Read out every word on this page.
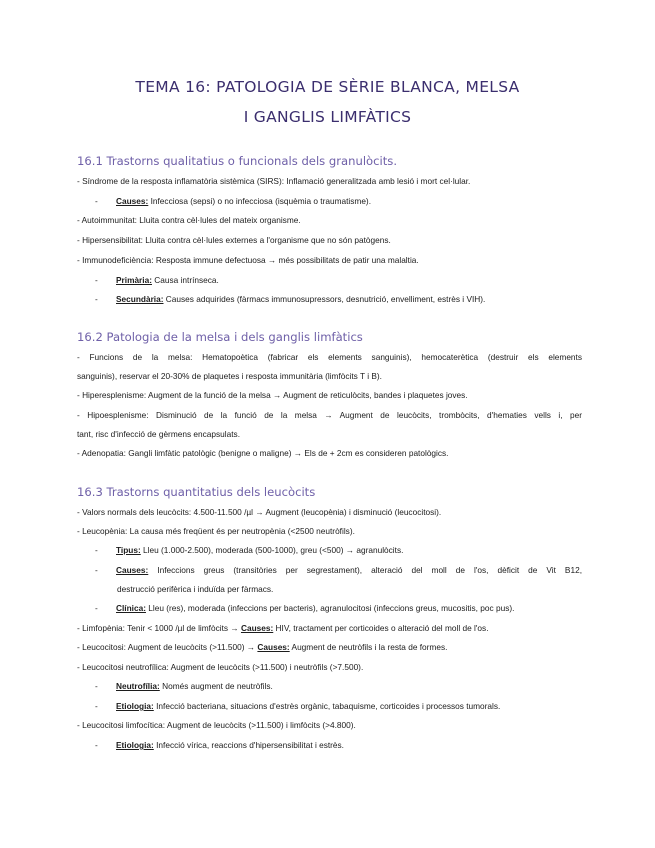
TEMA 16: PATOLOGIA DE SÈRIE BLANCA, MELSA
I GANGLIS LIMFÀTICS
16.1 Trastorns qualitatius o funcionals dels granulòcits.
- Síndrome de la resposta inflamatòria sistèmica (SIRS): Inflamació generalitzada amb lesió i mort cel·lular.
- Causes: Infecciosa (sepsi) o no infecciosa (isquèmia o traumatisme).
- Autoimmunitat: Lluita contra cèl·lules del mateix organisme.
- Hipersensibilitat: Lluita contra cèl·lules externes a l'organisme que no són patògens.
- Immunodeficiència: Resposta immune defectuosa → més possibilitats de patir una malaltia.
- Primària: Causa intrínseca.
- Secundària: Causes adquirides (fàrmacs immunosupressors, desnutrició, envelliment, estrès i VIH).
16.2 Patologia de la melsa i dels ganglis limfàtics
- Funcions de la melsa: Hematopoètica (fabricar els elements sanguinis), hemocaterètica (destruir els elements
sanguinis), reservar el 20-30% de plaquetes i resposta immunitària (limfòcits T i B).
- Hiperesplenisme: Augment de la funció de la melsa → Augment de reticulòcits, bandes i plaquetes joves.
- Hipoesplenisme: Disminució de la funció de la melsa → Augment de leucòcits, trombòcits, d'hematies vells i, per
tant, risc d'infecció de gèrmens encapsulats.
- Adenopatia: Gangli limfàtic patològic (benigne o maligne) → Els de + 2cm es consideren patològics.
16.3 Trastorns quantitatius dels leucòcits
- Valors normals dels leucòcits: 4.500-11.500 /µl → Augment (leucopènia) i disminució (leucocitosi).
- Leucopènia: La causa més freqüent és per neutropènia (<2500 neutròfils).
- Tipus: Lleu (1.000-2.500), moderada (500-1000), greu (<500) → agranulòcits.
- Causes: Infeccions greus (transitòries per segrestament), alteració del moll de l'os, dèficit de Vit B12,
destrucció perifèrica i induïda per fàrmacs.
- Clínica: Lleu (res), moderada (infeccions per bacteris), agranulocitosi (infeccions greus, mucositis, poc pus).
- Limfopènia: Tenir < 1000 /µl de limfòcits → Causes: HIV, tractament per corticoides o alteració del moll de l'os.
- Leucocitosi: Augment de leucòcits (>11.500) → Causes: Augment de neutròfils i la resta de formes.
- Leucocitosi neutrofílica: Augment de leucòcits (>11.500) i neutròfils (>7.500).
- Neutrofília: Només augment de neutròfils.
- Etiologia: Infecció bacteriana, situacions d'estrès orgànic, tabaquisme, corticoides i processos tumorals.
- Leucocitosi limfocítica: Augment de leucòcits (>11.500) i limfòcits (>4.800).
- Etiologia: Infecció vírica, reaccions d'hipersensibilitat i estrès.
